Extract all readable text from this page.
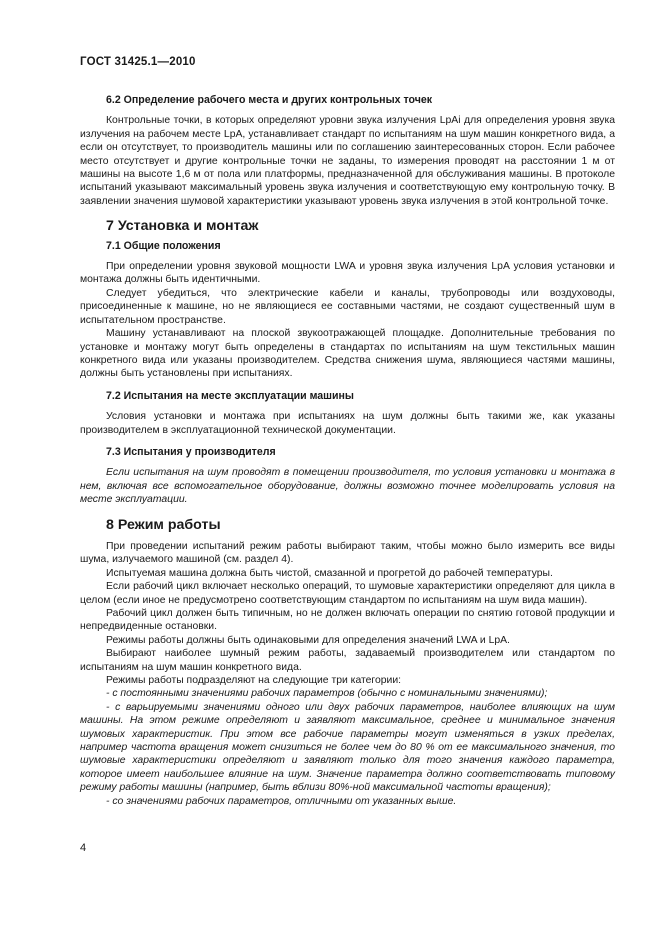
ГОСТ 31425.1—2010

6.2 Определение рабочего места и других контрольных точек

Контрольные точки, в которых определяют уровни звука излучения LpAi для определения уровня звука излучения на рабочем месте LpA, устанавливает стандарт по испытаниям на шум машин конкретного вида, а если он отсутствует, то производитель машины или по соглашению заинтересованных сторон. Если рабочее место отсутствует и другие контрольные точки не заданы, то измерения проводят на расстоянии 1 м от машины на высоте 1,6 м от пола или платформы, предназначенной для обслуживания машины. В протоколе испытаний указывают максимальный уровень звука излучения и соответствующую ему контрольную точку. В заявлении значения шумовой характеристики указывают уровень звука излучения в этой контрольной точке.

7 Установка и монтаж

7.1 Общие положения

При определении уровня звуковой мощности LWA и уровня звука излучения LpA условия установки и монтажа должны быть идентичными.

Следует убедиться, что электрические кабели и каналы, трубопроводы или воздуховоды, присоединенные к машине, но не являющиеся ее составными частями, не создают существенный шум в испытательном пространстве.

Машину устанавливают на плоской звукоотражающей площадке. Дополнительные требования по установке и монтажу могут быть определены в стандартах по испытаниям на шум текстильных машин конкретного вида или указаны производителем. Средства снижения шума, являющиеся частями машины, должны быть установлены при испытаниях.

7.2 Испытания на месте эксплуатации машины

Условия установки и монтажа при испытаниях на шум должны быть такими же, как указаны производителем в эксплуатационной технической документации.

7.3 Испытания у производителя

Если испытания на шум проводят в помещении производителя, то условия установки и монтажа в нем, включая все вспомогательное оборудование, должны возможно точнее моделировать условия на месте эксплуатации.

8 Режим работы

При проведении испытаний режим работы выбирают таким, чтобы можно было измерить все виды шума, излучаемого машиной (см. раздел 4).

Испытуемая машина должна быть чистой, смазанной и прогретой до рабочей температуры.

Если рабочий цикл включает несколько операций, то шумовые характеристики определяют для цикла в целом (если иное не предусмотрено соответствующим стандартом по испытаниям на шум вида машин).

Рабочий цикл должен быть типичным, но не должен включать операции по снятию готовой продукции и непредвиденные остановки.

Режимы работы должны быть одинаковыми для определения значений LWA и LpA.

Выбирают наиболее шумный режим работы, задаваемый производителем или стандартом по испытаниям на шум машин конкретного вида.

Режимы работы подразделяют на следующие три категории:

- с постоянными значениями рабочих параметров (обычно с номинальными значениями);

- с варьируемыми значениями одного или двух рабочих параметров, наиболее влияющих на шум машины. На этом режиме определяют и заявляют максимальное, среднее и минимальное значения шумовых характеристик. При этом все рабочие параметры могут изменяться в узких пределах, например частота вращения может снизиться не более чем до 80 % от ее максимального значения, то шумовые характеристики определяют и заявляют только для того значения каждого параметра, которое имеет наибольшее влияние на шум. Значение параметра должно соответствовать типовому режиму работы машины (например, быть вблизи 80%-ной максимальной частоты вращения);

- со значениями рабочих параметров, отличными от указанных выше.

4
